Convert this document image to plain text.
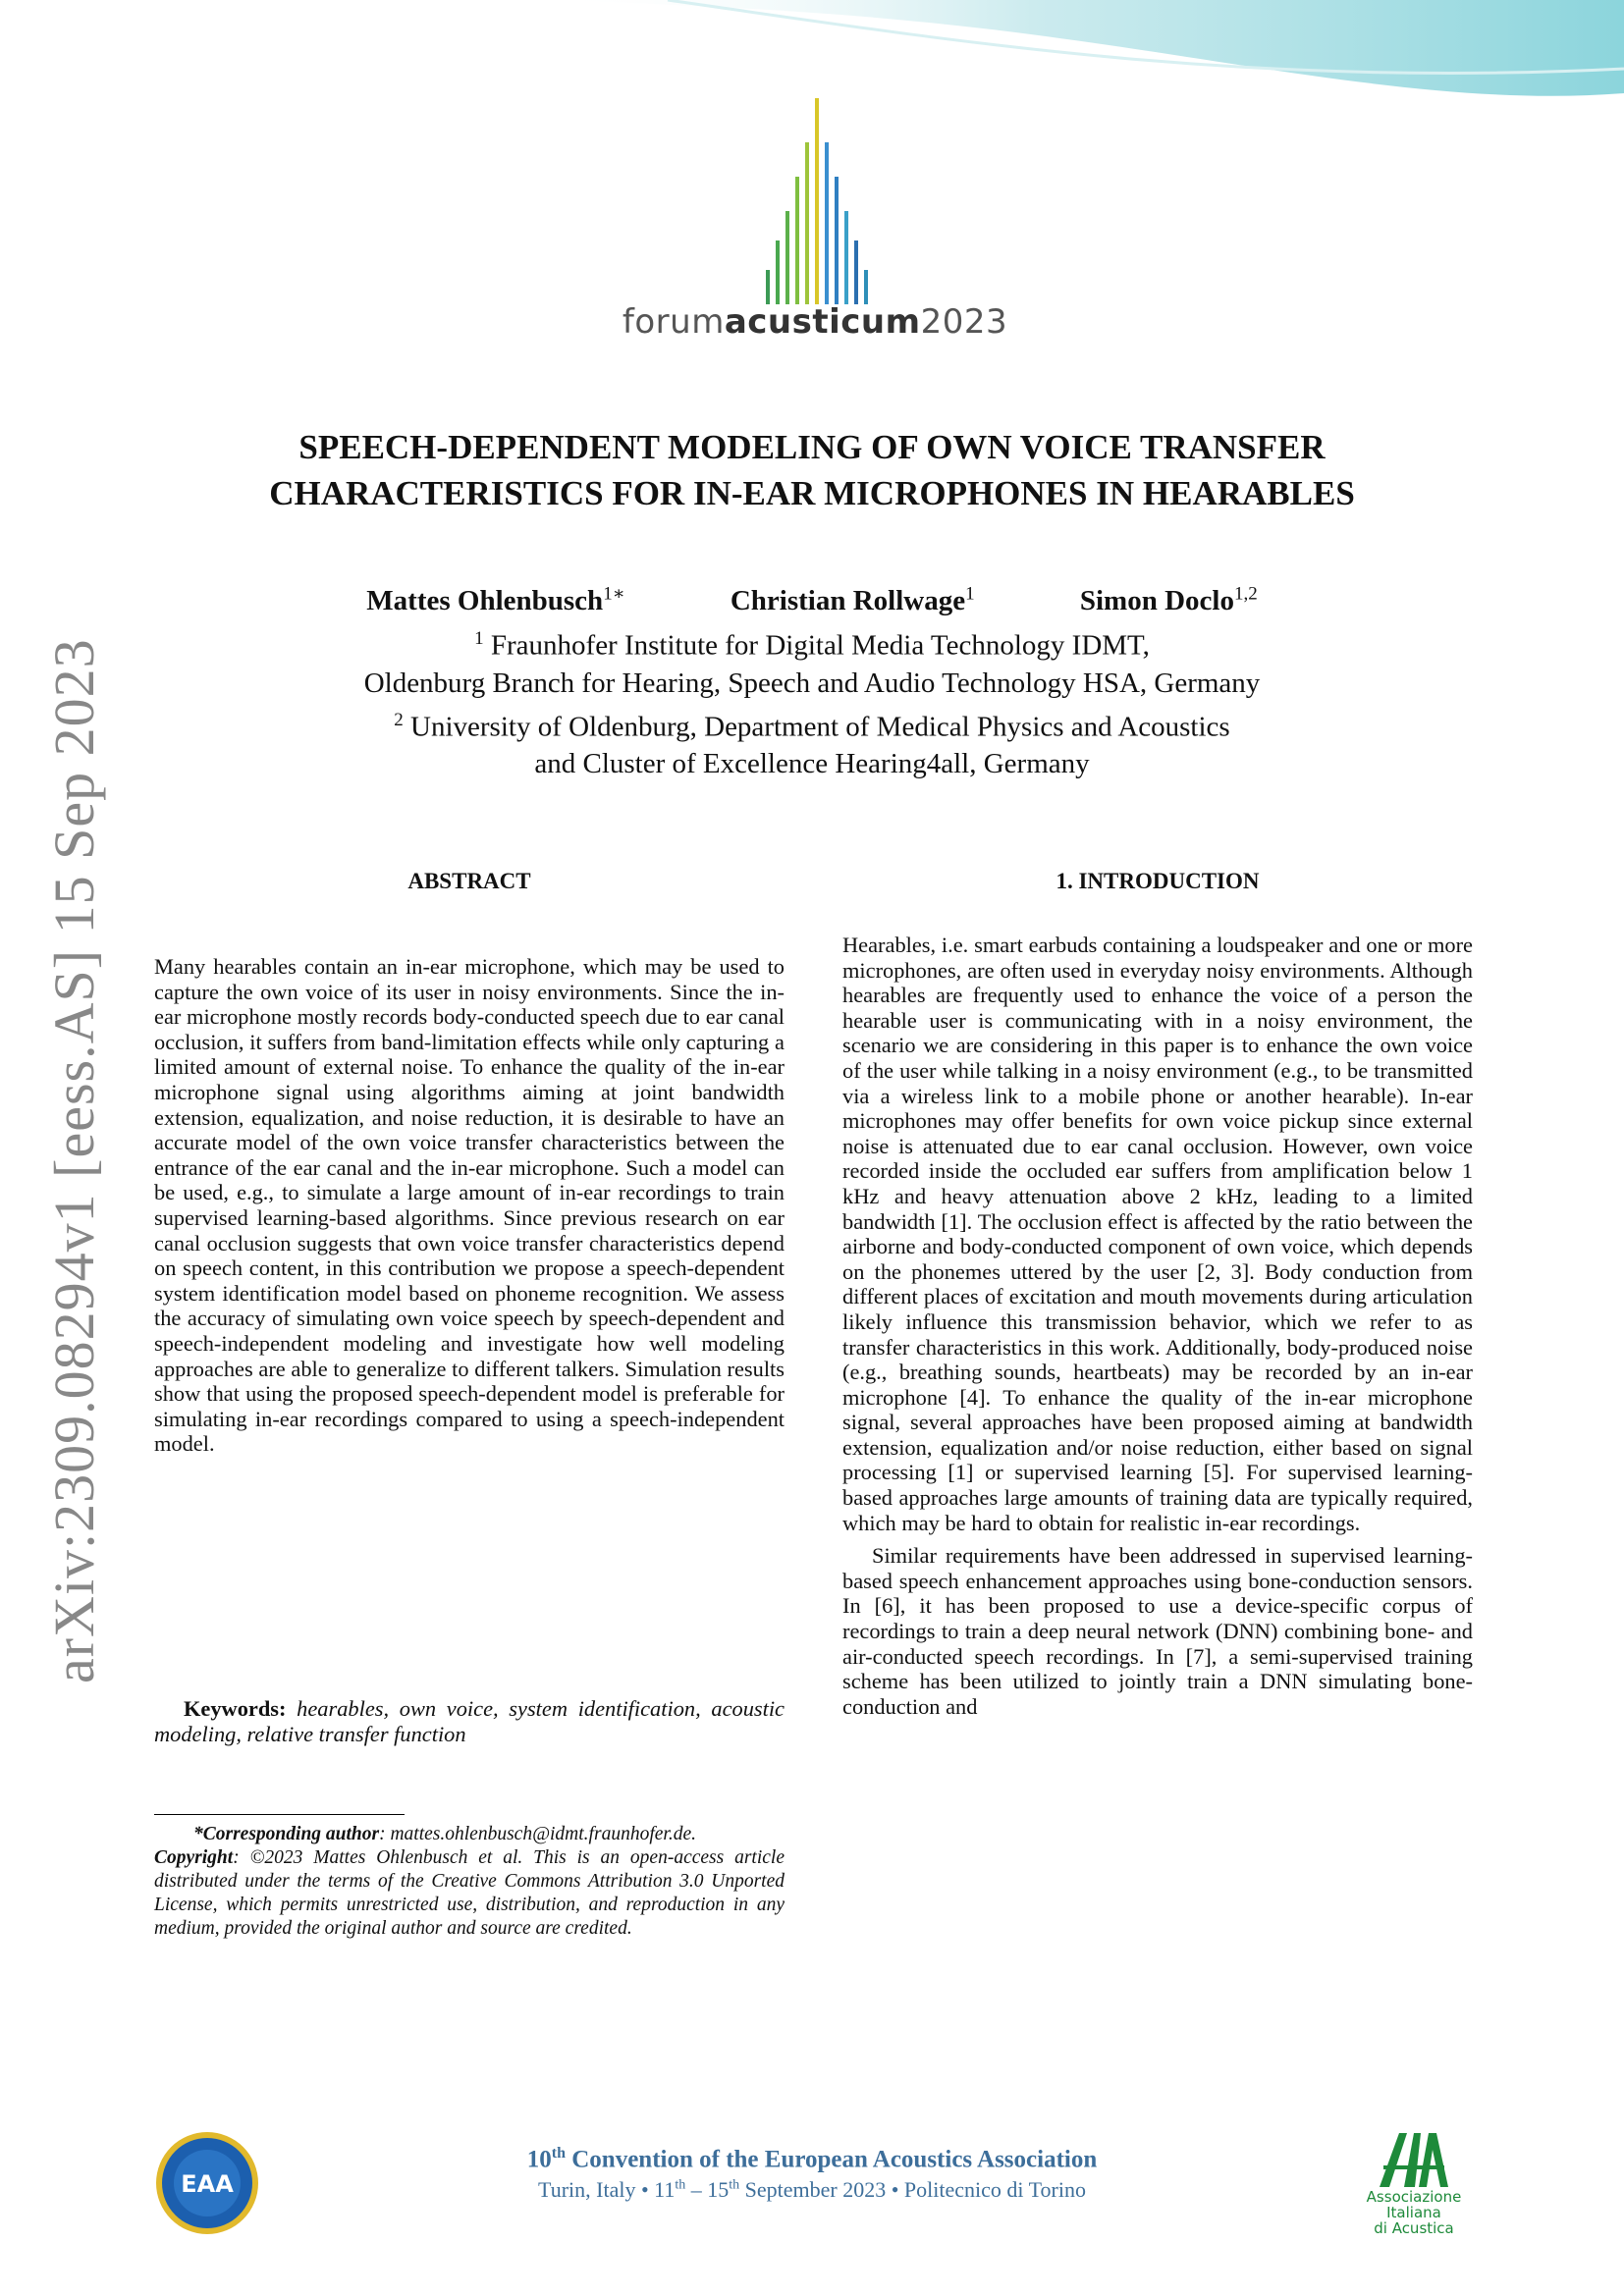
forumacusticum2023
SPEECH-DEPENDENT MODELING OF OWN VOICE TRANSFER
CHARACTERISTICS FOR IN-EAR MICROPHONES IN HEARABLES
Mattes Ohlenbusch$^{1∗}$	Christian Rollwage$^1$	Simon Doclo$^{1,2}$
$^1$ Fraunhofer Institute for Digital Media Technology IDMT,
Oldenburg Branch for Hearing, Speech and Audio Technology HSA, Germany
$^2$ University of Oldenburg, Department of Medical Physics and Acoustics
and Cluster of Excellence Hearing4all, Germany
arXiv:2309.08294v1 [eess.AS] 15 Sep 2023	ABSTRACT
Many hearables contain an in-ear microphone, which may be used to capture the own voice of its user in noisy environments. Since the in-ear microphone mostly records body-conducted speech due to ear canal occlusion, it suffers from band-limitation effects while only capturing a limited amount of external noise. To enhance the quality of the in-ear microphone signal using algorithms aiming at joint bandwidth extension, equalization, and noise reduction, it is desirable to have an accurate model of the own voice transfer characteristics between the entrance of the ear canal and the in-ear microphone. Such a model can be used, e.g., to simulate a large amount of in-ear recordings to train supervised learning-based algorithms. Since previous research on ear canal occlusion suggests that own voice transfer characteristics depend on speech content, in this contribution we propose a speech-dependent system identification model based on phoneme recognition. We assess the accuracy of simulating own voice speech by speech-dependent and speech-independent modeling and investigate how well modeling approaches are able to generalize to different talkers. Simulation results show that using the proposed speech-dependent model is preferable for simulating in-ear recordings compared to using a speech-independent model.
Keywords: hearables, own voice, system identification, acoustic modeling, relative transfer function
*Corresponding author: mattes.ohlenbusch@idmt.fraunhofer.de.
Copyright: ©2023 Mattes Ohlenbusch et al. This is an open-access article distributed under the terms of the Creative Commons Attribution 3.0 Unported License, which permits unrestricted use, distribution, and reproduction in any medium, provided the original author and source are credited.
1. INTRODUCTION

Hearables, i.e. smart earbuds containing a loudspeaker and one or more microphones, are often used in everyday noisy environments. Although hearables are frequently used to enhance the voice of a person the hearable user is communicating with in a noisy environment, the scenario we are considering in this paper is to enhance the own voice of the user while talking in a noisy environment (e.g., to be transmitted via a wireless link to a mobile phone or another hearable). In-ear microphones may offer benefits for own voice pickup since external noise is attenuated due to ear canal occlusion. However, own voice recorded inside the occluded ear suffers from amplification below 1 kHz and heavy attenuation above 2 kHz, leading to a limited bandwidth [1]. The occlusion effect is affected by the ratio between the airborne and body-conducted component of own voice, which depends on the phonemes uttered by the user [2, 3]. Body conduction from different places of excitation and mouth movements during articulation likely influence this transmission behavior, which we refer to as transfer characteristics in this work. Additionally, body-produced noise (e.g., breathing sounds, heartbeats) may be recorded by an in-ear microphone [4]. To enhance the quality of the in-ear microphone signal, several approaches have been proposed aiming at bandwidth extension, equalization and/or noise reduction, either based on signal processing [1] or supervised learning [5]. For supervised learning-based approaches large amounts of training data are typically required, which may be hard to obtain for realistic in-ear recordings.

Similar requirements have been addressed in supervised learning-based speech enhancement approaches using bone-conduction sensors. In [6], it has been proposed to use a device-specific corpus of recordings to train a deep neural network (DNN) combining bone- and air-conducted speech recordings. In [7], a semi-supervised training scheme has been utilized to jointly train a DNN simulating bone-conduction and

EAA
10th Convention of the European Acoustics Association
Turin, Italy • 11th – 15th September 2023 • Politecnico di Torino	Associazione
Italiana
di Acustica
